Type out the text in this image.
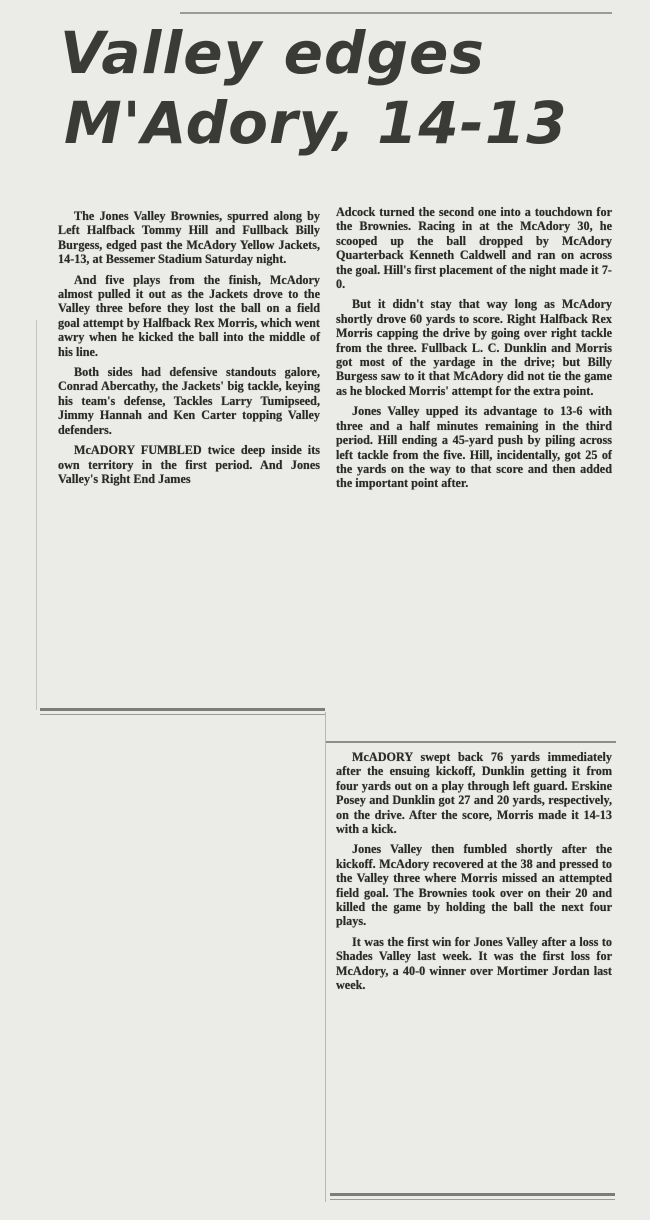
Valley edges
M'Adory, 14-13

The Jones Valley Brownies, spurred along by Left Halfback Tommy Hill and Fullback Billy Burgess, edged past the McAdory Yellow Jackets, 14-13, at Bessemer Stadium Saturday night.

And five plays from the finish, McAdory almost pulled it out as the Jackets drove to the Valley three before they lost the ball on a field goal attempt by Halfback Rex Morris, which went awry when he kicked the ball into the middle of his line.

Both sides had defensive standouts galore, Conrad Abercathy, the Jackets' big tackle, keying his team's defense, Tackles Larry Tumipseed, Jimmy Hannah and Ken Carter topping Valley defenders.

McADORY FUMBLED twice deep inside its own territory in the first period. And Jones Valley's Right End James

Adcock turned the second one into a touchdown for the Brownies. Racing in at the McAdory 30, he scooped up the ball dropped by McAdory Quarterback Kenneth Caldwell and ran on across the goal. Hill's first placement of the night made it 7-0.

But it didn't stay that way long as McAdory shortly drove 60 yards to score. Right Halfback Rex Morris capping the drive by going over right tackle from the three. Fullback L. C. Dunklin and Morris got most of the yardage in the drive; but Billy Burgess saw to it that McAdory did not tie the game as he blocked Morris' attempt for the extra point.

Jones Valley upped its advantage to 13-6 with three and a half minutes remaining in the third period. Hill ending a 45-yard push by piling across left tackle from the five. Hill, incidentally, got 25 of the yards on the way to that score and then added the important point after.

McADORY swept back 76 yards immediately after the ensuing kickoff, Dunklin getting it from four yards out on a play through left guard. Erskine Posey and Dunklin got 27 and 20 yards, respectively, on the drive. After the score, Morris made it 14-13 with a kick.

Jones Valley then fumbled shortly after the kickoff. McAdory recovered at the 38 and pressed to the Valley three where Morris missed an attempted field goal. The Brownies took over on their 20 and killed the game by holding the ball the next four plays.

It was the first win for Jones Valley after a loss to Shades Valley last week. It was the first loss for McAdory, a 40-0 winner over Mortimer Jordan last week.
